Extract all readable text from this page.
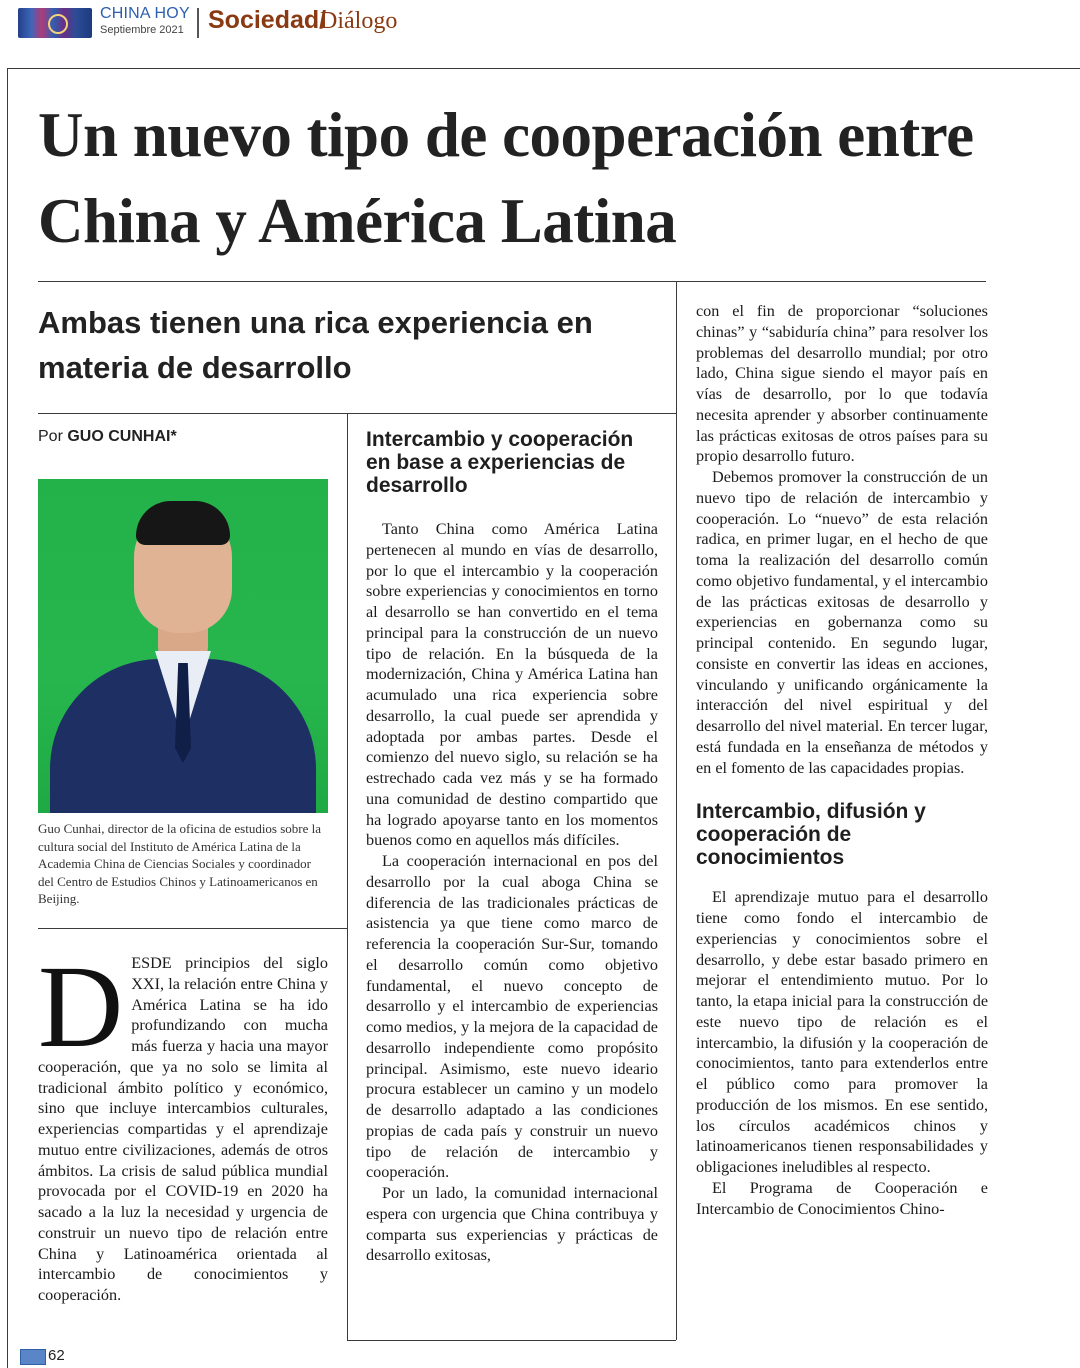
CHINA HOY
Septiembre 2021 Sociedad/
Diálogo
Un nuevo tipo de cooperación entre China y América Latina
Ambas tienen una rica experiencia en materia de desarrollo
Por GUO CUNHAI*

Guo Cunhai, director de la oficina de estudios sobre la cultura social del Instituto de América Latina de la Academia China de Ciencias Sociales y coordinador del Centro de Estudios Chinos y Latinoamericanos en Beijing.

D ESDE principios del siglo XXI, la relación entre China y América Latina se ha ido profundizando con mucha más fuerza y hacia una mayor cooperación, que ya no solo se limita al tradicional ámbito político y económico, sino que incluye intercambios culturales, experiencias compartidas y el aprendizaje mutuo entre civilizaciones, además de otros ámbitos. La crisis de salud pública mundial provocada por el COVID-19 en 2020 ha sacado a la luz la necesidad y urgencia de construir un nuevo tipo de relación entre China y Latinoamérica orientada al intercambio de conocimientos y cooperación.

Intercambio y cooperación en base a experiencias de desarrollo

Tanto China como América Latina pertenecen al mundo en vías de desarrollo, por lo que el intercambio y la cooperación sobre experiencias y conocimientos en torno al desarrollo se han convertido en el tema principal para la construcción de un nuevo tipo de relación. En la búsqueda de la modernización, China y América Latina han acumulado una rica experiencia sobre desarrollo, la cual puede ser aprendida y adoptada por ambas partes. Desde el comienzo del nuevo siglo, su relación se ha estrechado cada vez más y se ha formado una comunidad de destino compartido que ha logrado apoyarse tanto en los momentos buenos como en aquellos más difíciles.

La cooperación internacional en pos del desarrollo por la cual aboga China se diferencia de las tradicionales prácticas de asistencia ya que tiene como marco de referencia la cooperación Sur-Sur, tomando el desarrollo común como objetivo fundamental, el nuevo concepto de desarrollo y el intercambio de experiencias como medios, y la mejora de la capacidad de desarrollo independiente como propósito principal. Asimismo, este nuevo ideario procura establecer un camino y un modelo de desarrollo adaptado a las condiciones propias de cada país y construir un nuevo tipo de relación de intercambio y cooperación.

Por un lado, la comunidad internacional espera con urgencia que China contribuya y comparta sus experiencias y prácticas de desarrollo exitosas,

con el fin de proporcionar “soluciones chinas” y “sabiduría china” para resolver los problemas del desarrollo mundial; por otro lado, China sigue siendo el mayor país en vías de desarrollo, por lo que todavía necesita aprender y absorber continuamente las prácticas exitosas de otros países para su propio desarrollo futuro.

Debemos promover la construcción de un nuevo tipo de relación de intercambio y cooperación. Lo “nuevo” de esta relación radica, en primer lugar, en el hecho de que toma la realización del desarrollo común como objetivo fundamental, y el intercambio de las prácticas exitosas de desarrollo y experiencias en gobernanza como su principal contenido. En segundo lugar, consiste en convertir las ideas en acciones, vinculando y unificando orgánicamente la interacción del nivel espiritual y del desarrollo del nivel material. En tercer lugar, está fundada en la enseñanza de métodos y en el fomento de las capacidades propias.

Intercambio, difusión y cooperación de conocimientos

El aprendizaje mutuo para el desarrollo tiene como fondo el intercambio de experiencias y conocimientos sobre el desarrollo, y debe estar basado primero en mejorar el entendimiento mutuo. Por lo tanto, la etapa inicial para la construcción de este nuevo tipo de relación es el intercambio, la difusión y la cooperación de conocimientos, tanto para extenderlos entre el público como para promover la producción de los mismos. En ese sentido, los círculos académicos chinos y latinoamericanos tienen responsabilidades y obligaciones ineludibles al respecto.

El Programa de Cooperación e Intercambio de Conocimientos Chino-

62
